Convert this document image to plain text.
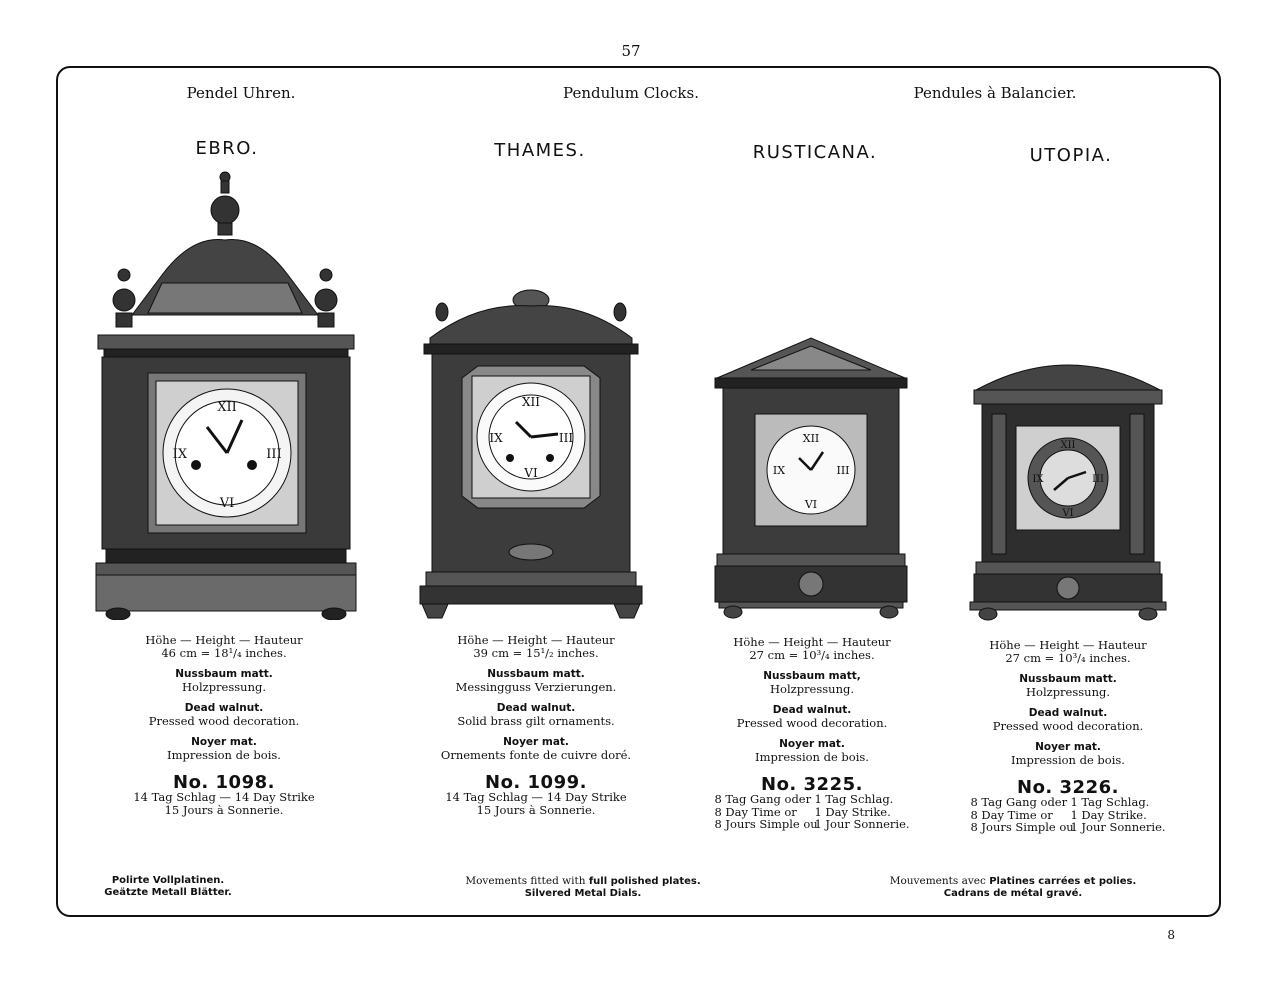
57
Pendel Uhren.	Pendulum Clocks.	Pendules à Balancier.
EBRO.
XII
VI
IX	III
Höhe — Height — Hauteur
46 cm = 18¹/₄ inches.
Nussbaum matt.
Holzpressung.
Dead walnut.
Pressed wood decoration.
Noyer mat.
Impression de bois.
No. 1098.
14 Tag Schlag — 14 Day Strike
15 Jours à Sonnerie.
THAMES.
XII
VI
IX	III
Höhe — Height — Hauteur
39 cm = 15¹/₂ inches.
Nussbaum matt.
Messingguss Verzierungen.
Dead walnut.
Solid brass gilt ornaments.
Noyer mat.
Ornements fonte de cuivre doré.
No. 1099.
14 Tag Schlag — 14 Day Strike
15 Jours à Sonnerie.
RUSTICANA.
XII
VI
IX	III
Höhe — Height — Hauteur
27 cm = 10³/₄ inches.
Nussbaum matt,
Holzpressung.
Dead walnut.
Pressed wood decoration.
Noyer mat.
Impression de bois.
No. 3225.
8 Tag Gang oder 1 Tag Schlag.
8 Day Time or 1 Day Strike.
8 Jours Simple ou1 Jour Sonnerie.
UTOPIA.
XII
VI
IX	III
Höhe — Height — Hauteur
27 cm = 10³/₄ inches.
Nussbaum matt.
Holzpressung.
Dead walnut.
Pressed wood decoration.
Noyer mat.
Impression de bois.
No. 3226.
8 Tag Gang oder 1 Tag Schlag.
8 Day Time or 1 Day Strike.
8 Jours Simple ou1 Jour Sonnerie.
Polirte Vollplatinen.
Geätzte Metall Blätter.
Movements fitted with full polished plates.
Silvered Metal Dials.
Mouvements avec Platines carrées et polies.
Cadrans de métal gravé.
8
